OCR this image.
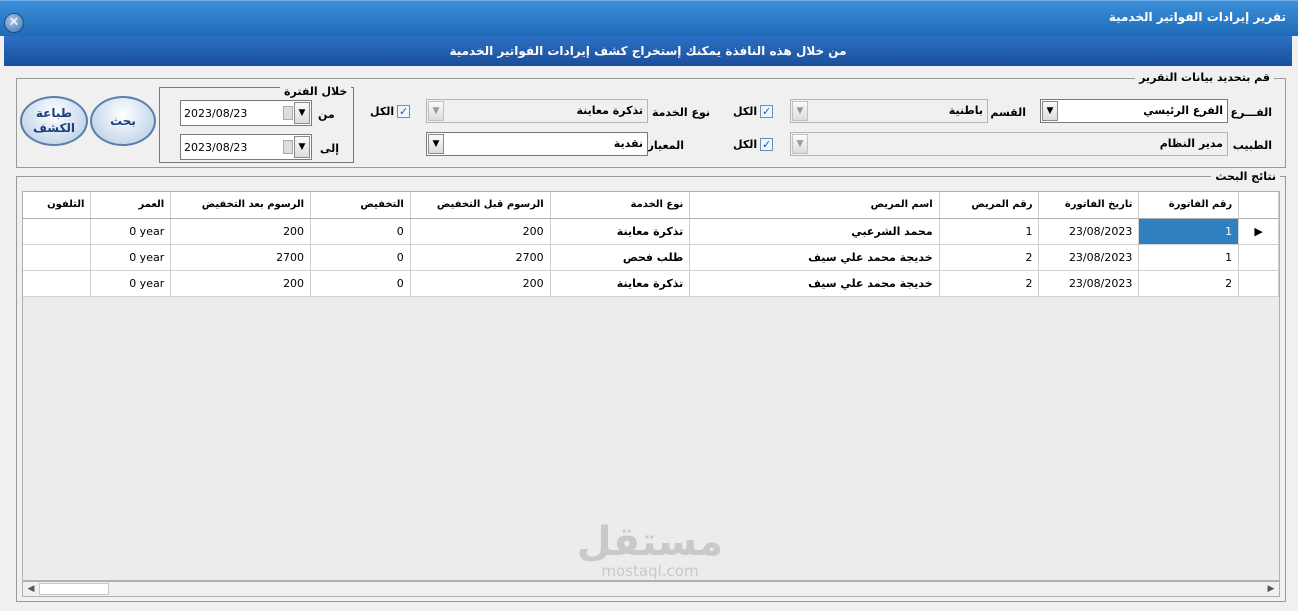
✕	تقرير إيرادات الفواتير الخدمية
من خلال هذه النافذة يمكنك إستخراج كشف إيرادات الفواتير الخدمية
قم بتحديد بيانات التقرير
الفـــرع
▼	الفرع الرئيسي
القسم
▼	باطنية
الكل ✓
نوع الخدمة
▼	تذكرة معاينة
الكل ✓
الطبيب
▼	مدير النظام
الكل ✓
المعيار
▼	نقدية
خلال الفترة
من
2023/08/23	▼
إلى
2023/08/23	▼
بحث
طباعة
الكشف
نتائج البحث
	رقم الفاتورة	تاريخ الفاتورة	رقم المريض	اسم المريض	نوع الخدمة	الرسوم قبل التخفيض	التخفيض	الرسوم بعد التخفيض	العمر	التلفون
▶	1	23/08/2023	1	محمد الشرعبي	تذكرة معاينة	200	0	200	0 year	
	1	23/08/2023	2	خديجة محمد علي سيف	طلب فحص	2700	0	2700	0 year	
	2	23/08/2023	2	خديجة محمد علي سيف	تذكرة معاينة	200	0	200	0 year	
◀	▶
مستقل
mostaql.com
